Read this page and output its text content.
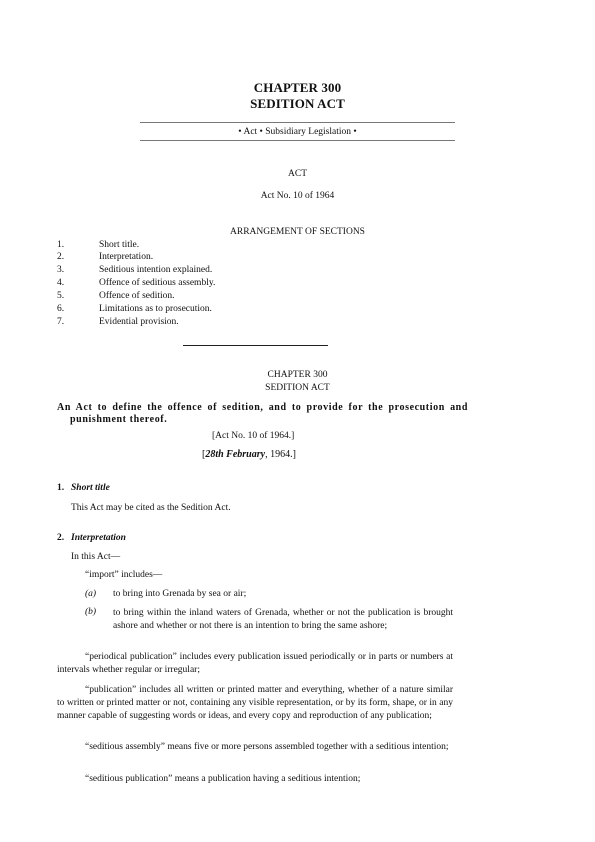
CHAPTER 300
SEDITION ACT
• Act • Subsidiary Legislation •
ACT
Act No. 10 of 1964
ARRANGEMENT OF SECTIONS
1.	Short title.
2.	Interpretation.
3.	Seditious intention explained.
4.	Offence of seditious assembly.
5.	Offence of sedition.
6.	Limitations as to prosecution.
7.	Evidential provision.
CHAPTER 300
SEDITION ACT
An Act to define the offence of sedition, and to provide for the prosecution and punishment thereof.
[Act No. 10 of 1964.]
[28th February, 1964.]
1. Short title
This Act may be cited as the Sedition Act.
2. Interpretation
In this Act—
“import” includes—
(a) to bring into Grenada by sea or air;
(b) to bring within the inland waters of Grenada, whether or not the publication is brought ashore and whether or not there is an intention to bring the same ashore;
“periodical publication” includes every publication issued periodically or in parts or numbers at intervals whether regular or irregular;
“publication” includes all written or printed matter and everything, whether of a nature similar to written or printed matter or not, containing any visible representation, or by its form, shape, or in any manner capable of suggesting words or ideas, and every copy and reproduction of any publication;
“seditious assembly” means five or more persons assembled together with a seditious intention;
“seditious publication” means a publication having a seditious intention;
